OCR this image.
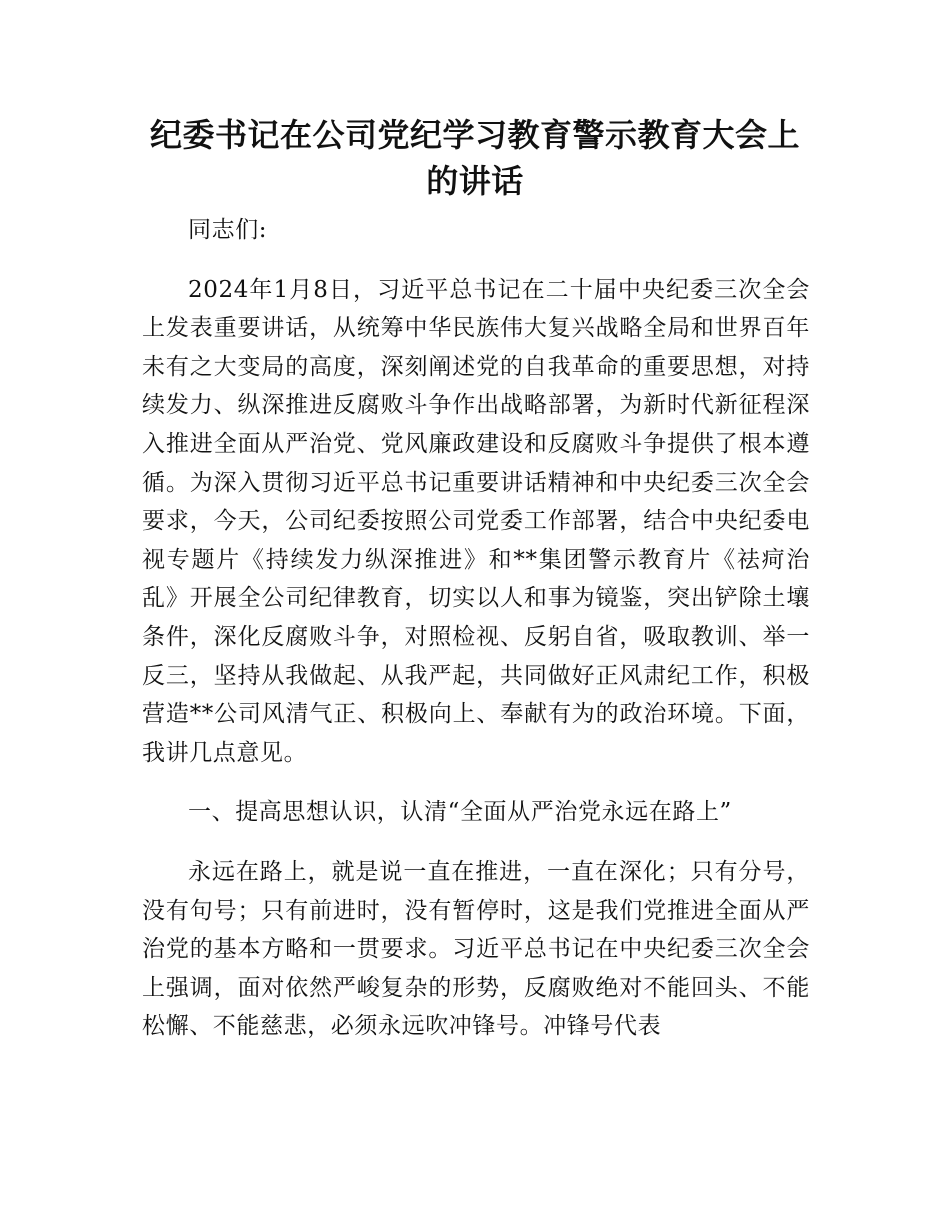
纪委书记在公司党纪学习教育警示教育大会上
的讲话

同志们:

2024年1月8日，习近平总书记在二十届中央纪委三次全会上发表重要讲话，从统筹中华民族伟大复兴战略全局和世界百年未有之大变局的高度，深刻阐述党的自我革命的重要思想，对持续发力、纵深推进反腐败斗争作出战略部署，为新时代新征程深入推进全面从严治党、党风廉政建设和反腐败斗争提供了根本遵循。为深入贯彻习近平总书记重要讲话精神和中央纪委三次全会要求，今天，公司纪委按照公司党委工作部署，结合中央纪委电视专题片《持续发力纵深推进》和**集团警示教育片《祛疴治乱》开展全公司纪律教育，切实以人和事为镜鉴，突出铲除土壤条件，深化反腐败斗争，对照检视、反躬自省，吸取教训、举一反三，坚持从我做起、从我严起，共同做好正风肃纪工作，积极营造**公司风清气正、积极向上、奉献有为的政治环境。下面，我讲几点意见。

一、提高思想认识，认清“全面从严治党永远在路上”

永远在路上，就是说一直在推进，一直在深化；只有分号，没有句号；只有前进时，没有暂停时，这是我们党推进全面从严治党的基本方略和一贯要求。习近平总书记在中央纪委三次全会上强调，面对依然严峻复杂的形势，反腐败绝对不能回头、不能松懈、不能慈悲，必须永远吹冲锋号。冲锋号代表
